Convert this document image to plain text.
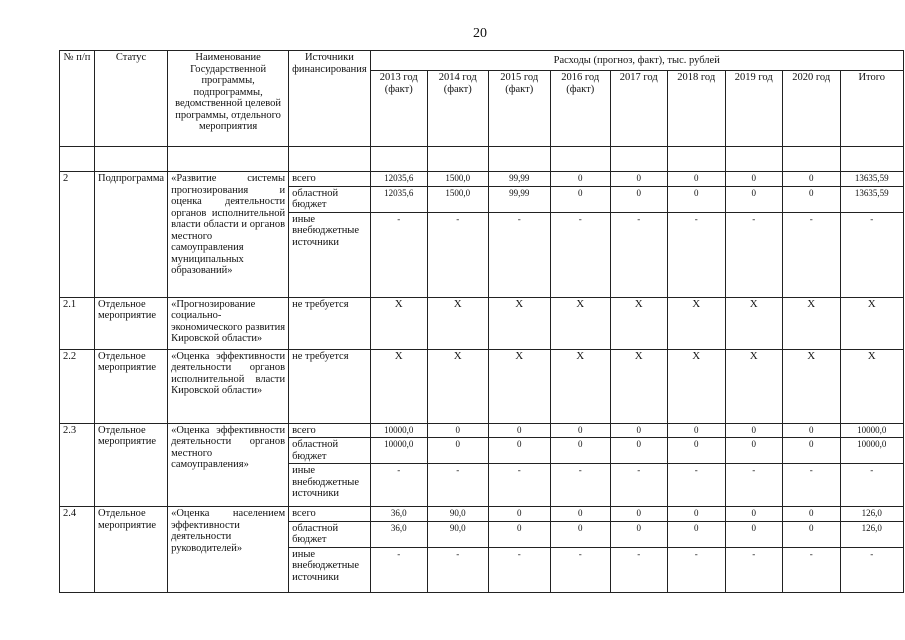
20
№ п/п	Статус	Наименование Государственной программы, подпрограммы, ведомственной целевой программы, отдельного мероприятия	Источники финансирования	Расходы (прогноз, факт), тыс. рублей								
				2013 год (факт)	2014 год (факт)	2015 год (факт)	2016 год (факт)	2017 год	2018 год	2019 год	2020 год	Итого

2	Подпрограмма	«Развитие системы прогнозирования и оценка деятельности органов исполнительной власти области и органов местного самоуправления муниципальных образований»	всего	12035,6	1500,0	99,99	0	0	0	0	0	13635,59
			областной бюджет	12035,6	1500,0	99,99	0	0	0	0	0	13635,59
			иные внебюджетные источники	-	-	-	-	-	-	-	-	-
2.1	Отдельное мероприятие	«Прогнозирование социально-экономического развития Кировской области»	не требуется	X	X	X	X	X	X	X	X	X
2.2	Отдельное мероприятие	«Оценка эффективности деятельности органов исполнительной власти Кировской области»	не требуется	X	X	X	X	X	X	X	X	X
2.3	Отдельное мероприятие	«Оценка эффективности деятельности органов местного самоуправления»	всего	10000,0	0	0	0	0	0	0	0	10000,0
			областной бюджет	10000,0	0	0	0	0	0	0	0	10000,0
			иные внебюджетные источники	-	-	-	-	-	-	-	-	-
2.4	Отдельное мероприятие	«Оценка населением эффективности деятельности руководителей»	всего	36,0	90,0	0	0	0	0	0	0	126,0
			областной бюджет	36,0	90,0	0	0	0	0	0	0	126,0
			иные внебюджетные источники	-	-	-	-	-	-	-	-	-
